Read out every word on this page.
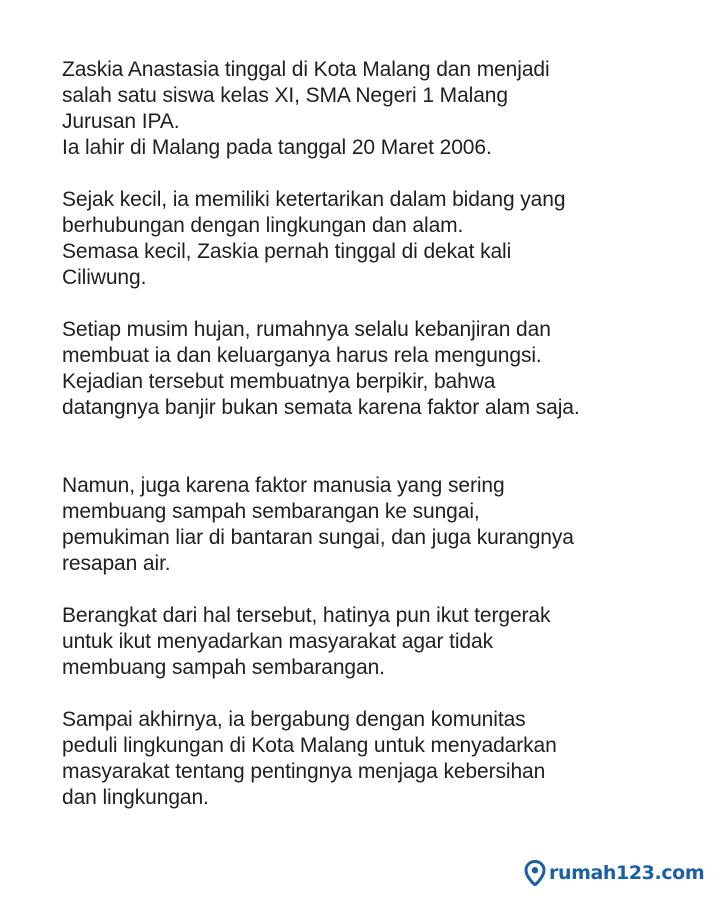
Zaskia Anastasia tinggal di Kota Malang dan menjadi
salah satu siswa kelas XI, SMA Negeri 1 Malang
Jurusan IPA.
Ia lahir di Malang pada tanggal 20 Maret 2006.

Sejak kecil, ia memiliki ketertarikan dalam bidang yang
berhubungan dengan lingkungan dan alam.
Semasa kecil, Zaskia pernah tinggal di dekat kali
Ciliwung.

Setiap musim hujan, rumahnya selalu kebanjiran dan
membuat ia dan keluarganya harus rela mengungsi.
Kejadian tersebut membuatnya berpikir, bahwa
datangnya banjir bukan semata karena faktor alam saja.

Namun, juga karena faktor manusia yang sering
membuang sampah sembarangan ke sungai,
pemukiman liar di bantaran sungai, dan juga kurangnya
resapan air.

Berangkat dari hal tersebut, hatinya pun ikut tergerak
untuk ikut menyadarkan masyarakat agar tidak
membuang sampah sembarangan.

Sampai akhirnya, ia bergabung dengan komunitas
peduli lingkungan di Kota Malang untuk menyadarkan
masyarakat tentang pentingnya menjaga kebersihan
dan lingkungan.

rumah123.com
